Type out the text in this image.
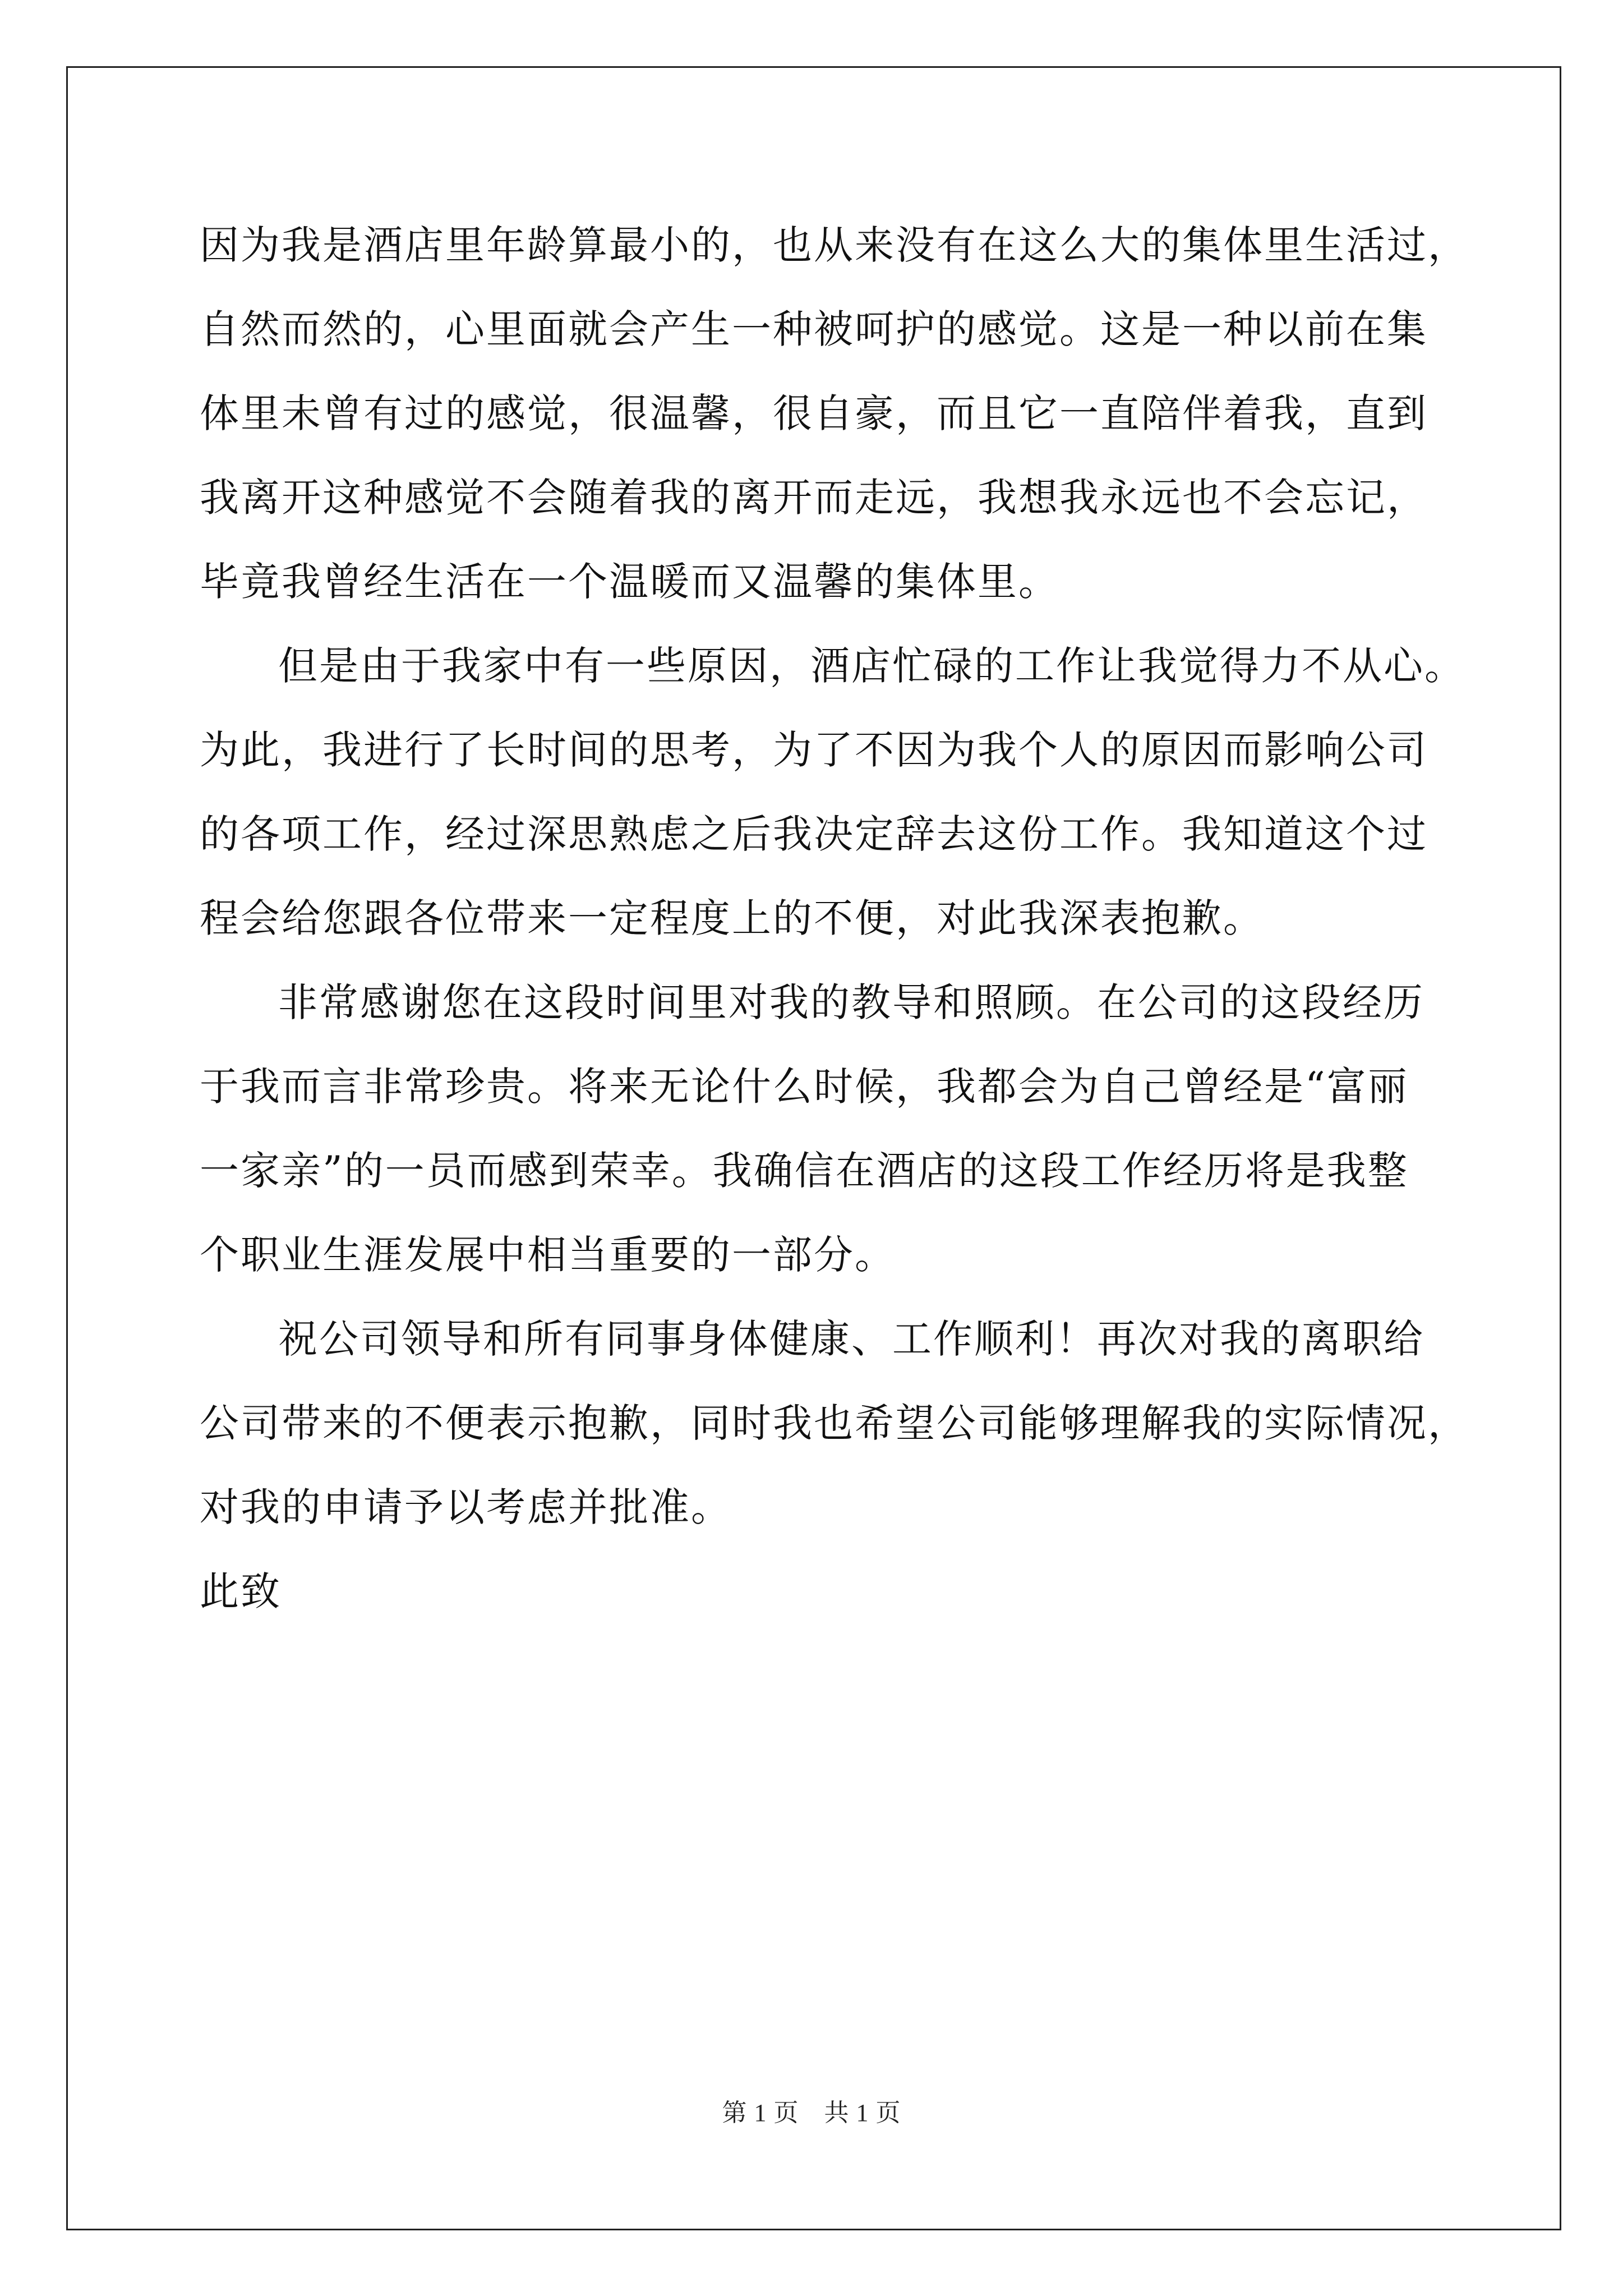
因为我是酒店里年龄算最小的，也从来没有在这么大的集体里生活过，
自然而然的，心里面就会产生一种被呵护的感觉。这是一种以前在集
体里未曾有过的感觉，很温馨，很自豪，而且它一直陪伴着我，直到
我离开这种感觉不会随着我的离开而走远，我想我永远也不会忘记，
毕竟我曾经生活在一个温暖而又温馨的集体里。
但是由于我家中有一些原因，酒店忙碌的工作让我觉得力不从心。
为此，我进行了长时间的思考，为了不因为我个人的原因而影响公司
的各项工作，经过深思熟虑之后我决定辞去这份工作。我知道这个过
程会给您跟各位带来一定程度上的不便，对此我深表抱歉。
非常感谢您在这段时间里对我的教导和照顾。在公司的这段经历
于我而言非常珍贵。将来无论什么时候，我都会为自己曾经是“富丽
一家亲”的一员而感到荣幸。我确信在酒店的这段工作经历将是我整
个职业生涯发展中相当重要的一部分。
祝公司领导和所有同事身体健康、工作顺利！再次对我的离职给
公司带来的不便表示抱歉，同时我也希望公司能够理解我的实际情况，
对我的申请予以考虑并批准。
此致
第 1 页　共 1 页
